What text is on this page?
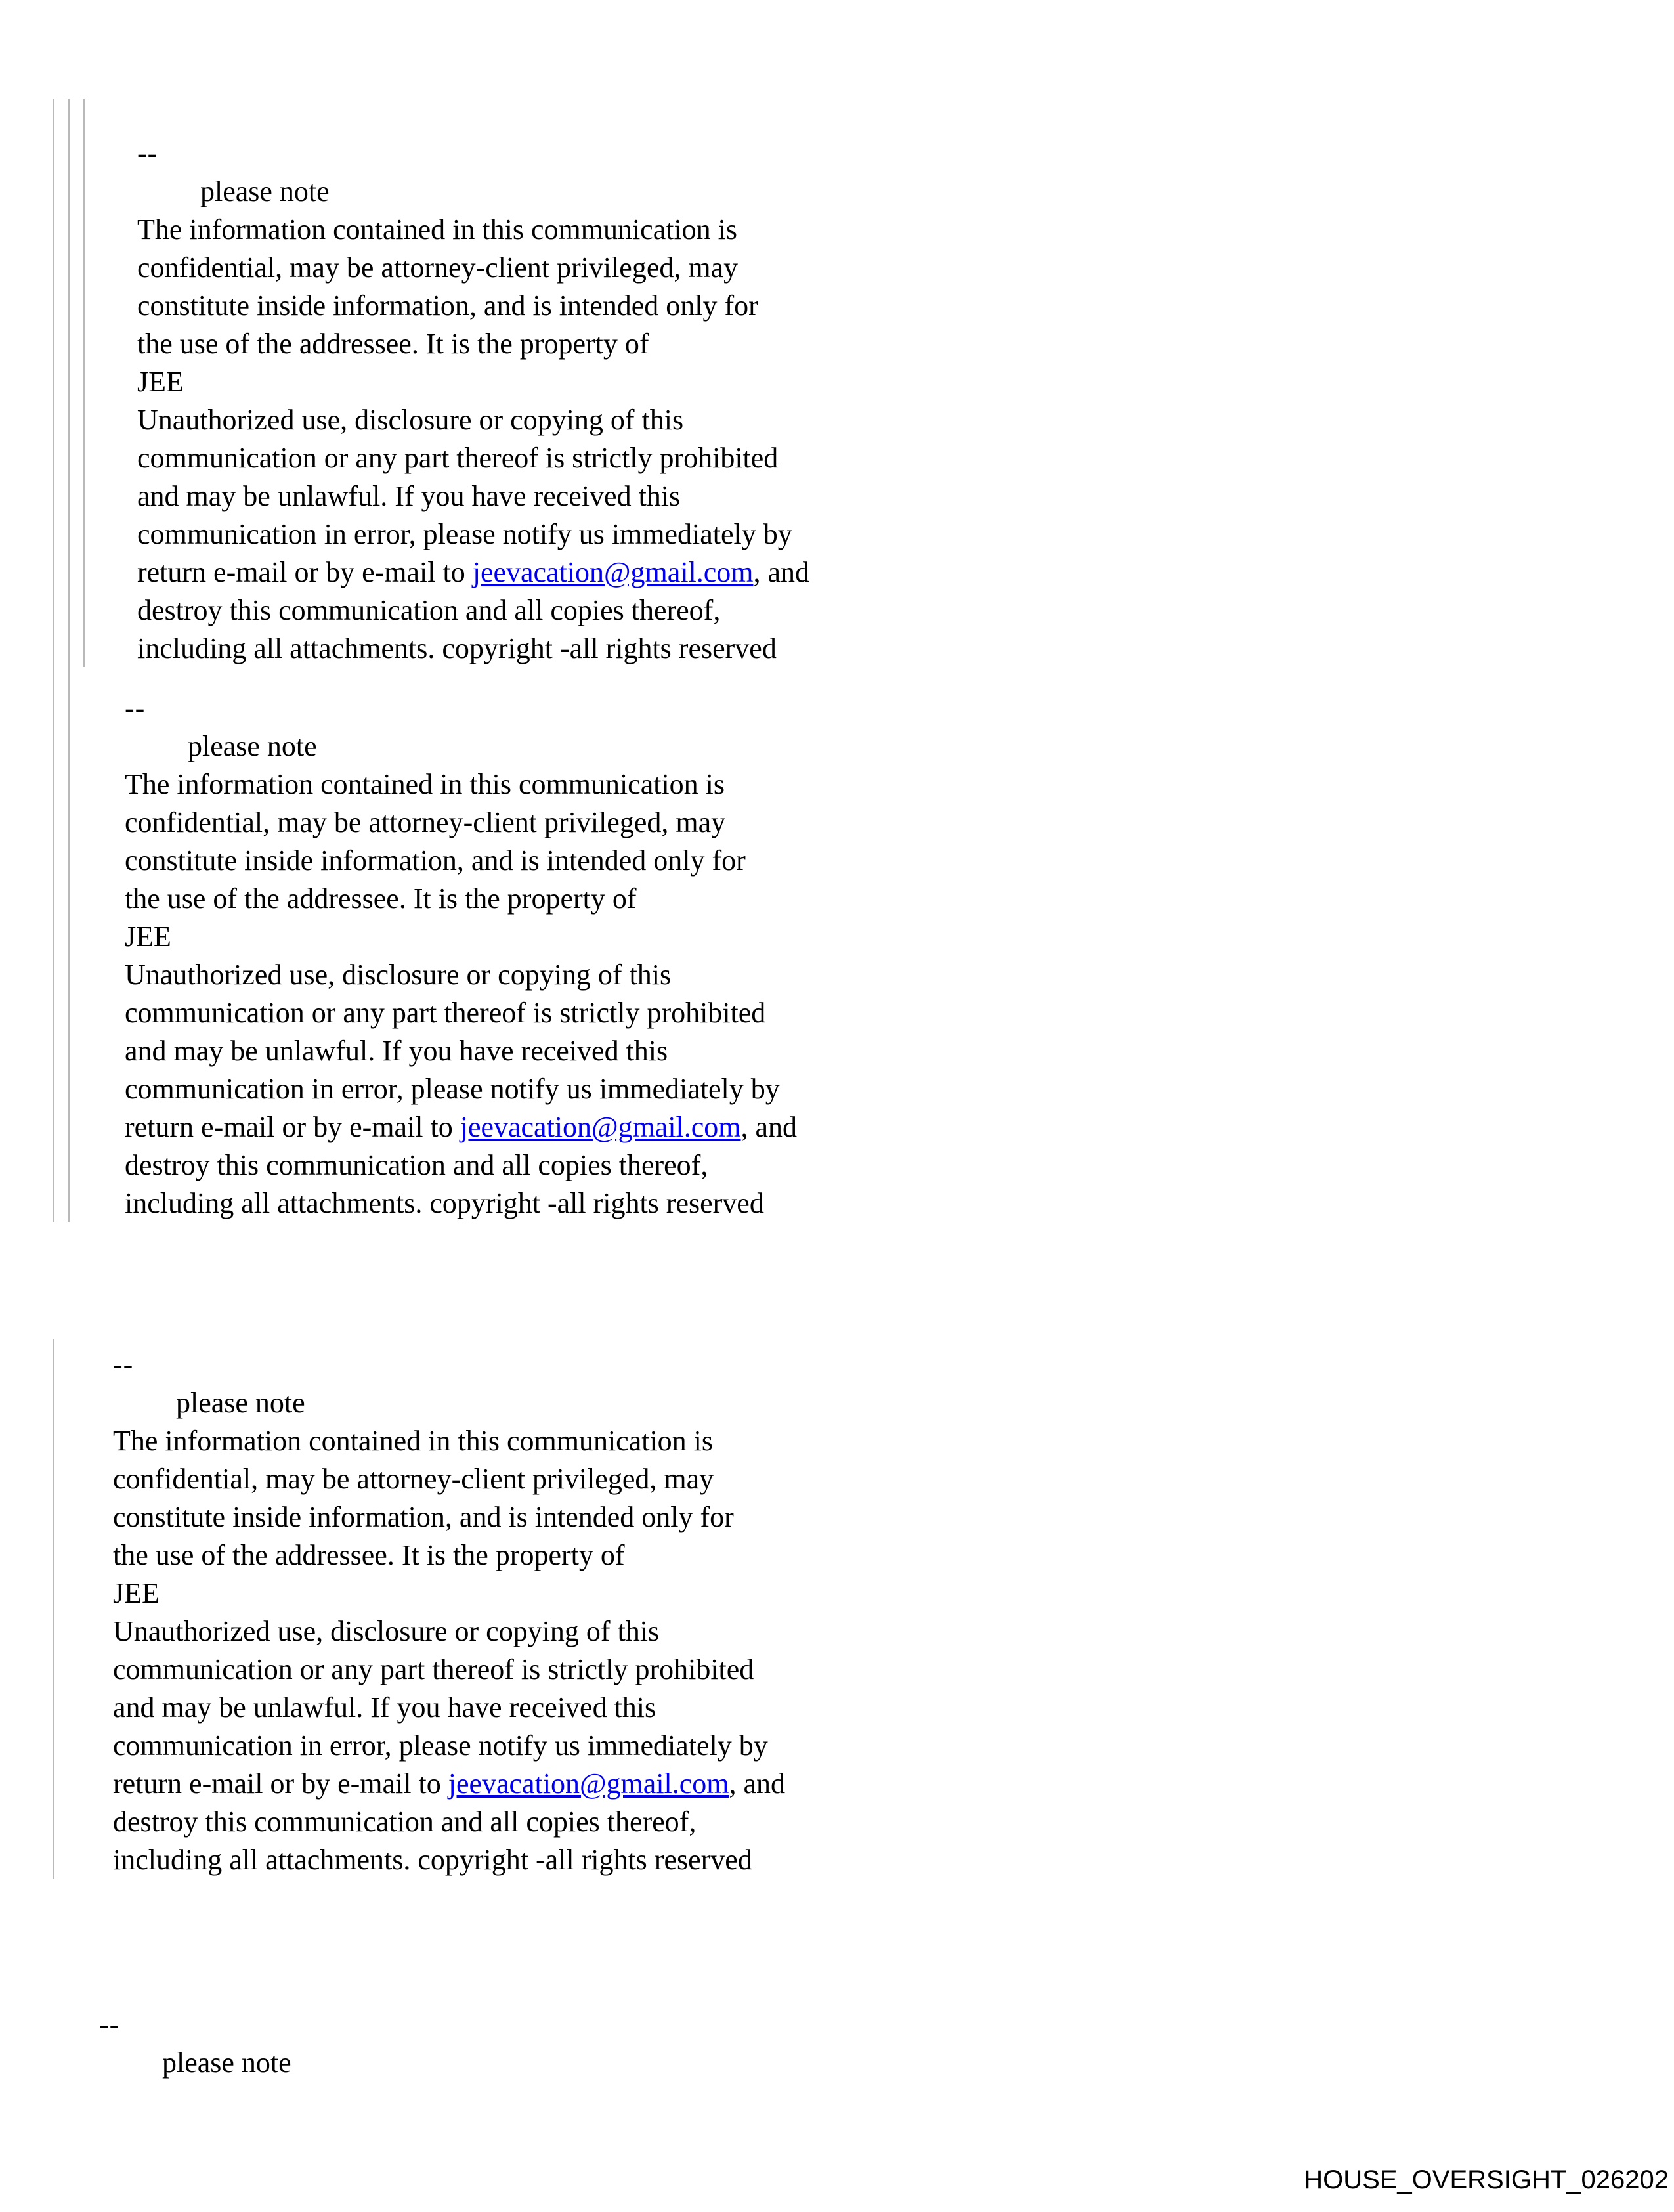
--
please note
The information contained in this communication is
confidential, may be attorney-client privileged, may
constitute inside information, and is intended only for
the use of the addressee. It is the property of
JEE
Unauthorized use, disclosure or copying of this
communication or any part thereof is strictly prohibited
and may be unlawful. If you have received this
communication in error, please notify us immediately by
return e-mail or by e-mail to jeevacation@gmail.com, and
destroy this communication and all copies thereof,
including all attachments. copyright -all rights reserved
--
please note
The information contained in this communication is
confidential, may be attorney-client privileged, may
constitute inside information, and is intended only for
the use of the addressee. It is the property of
JEE
Unauthorized use, disclosure or copying of this
communication or any part thereof is strictly prohibited
and may be unlawful. If you have received this
communication in error, please notify us immediately by
return e-mail or by e-mail to jeevacation@gmail.com, and
destroy this communication and all copies thereof,
including all attachments. copyright -all rights reserved
--
please note
The information contained in this communication is
confidential, may be attorney-client privileged, may
constitute inside information, and is intended only for
the use of the addressee. It is the property of
JEE
Unauthorized use, disclosure or copying of this
communication or any part thereof is strictly prohibited
and may be unlawful. If you have received this
communication in error, please notify us immediately by
return e-mail or by e-mail to jeevacation@gmail.com, and
destroy this communication and all copies thereof,
including all attachments. copyright -all rights reserved
--
please note
HOUSE_OVERSIGHT_026202
